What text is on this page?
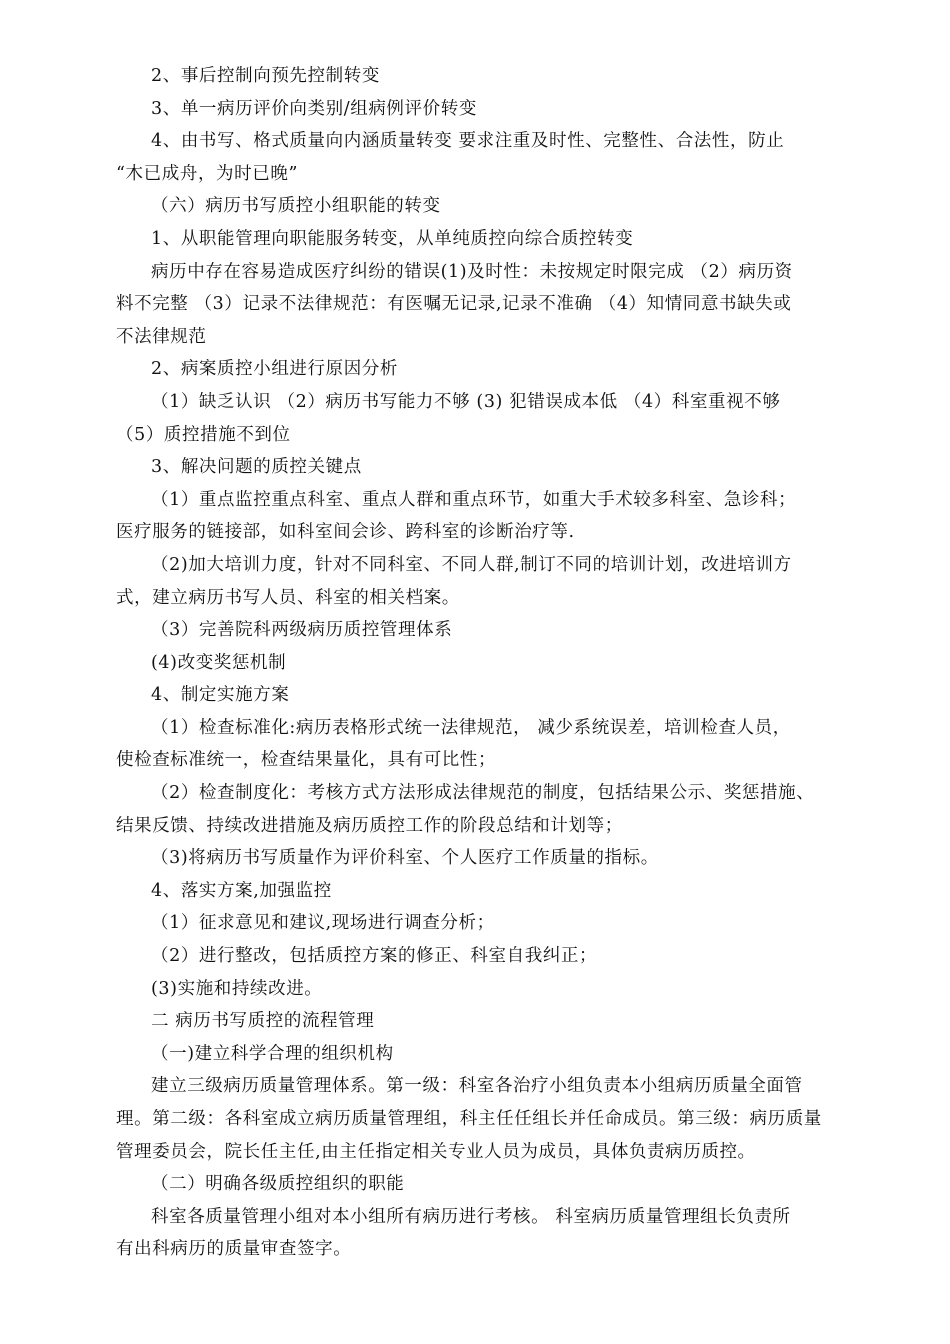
2、事后控制向预先控制转变
3、单一病历评价向类别/组病例评价转变
4、由书写、格式质量向内涵质量转变 要求注重及时性、完整性、合法性，防止
“木已成舟，为时已晚”
（六）病历书写质控小组职能的转变
1、从职能管理向职能服务转变，从单纯质控向综合质控转变
病历中存在容易造成医疗纠纷的错误(1)及时性：未按规定时限完成 （2）病历资
料不完整 （3）记录不法律规范：有医嘱无记录,记录不准确 （4）知情同意书缺失或
不法律规范
2、病案质控小组进行原因分析
（1）缺乏认识 （2）病历书写能力不够 (3) 犯错误成本低 （4）科室重视不够
（5）质控措施不到位
3、解决问题的质控关键点
（1）重点监控重点科室、重点人群和重点环节，如重大手术较多科室、急诊科；
医疗服务的链接部，如科室间会诊、跨科室的诊断治疗等.
（2)加大培训力度，针对不同科室、不同人群,制订不同的培训计划，改进培训方
式，建立病历书写人员、科室的相关档案。
（3）完善院科两级病历质控管理体系
(4)改变奖惩机制
4、制定实施方案
（1）检查标准化:病历表格形式统一法律规范， 减少系统误差，培训检查人员，
使检查标准统一，检查结果量化，具有可比性；
（2）检查制度化：考核方式方法形成法律规范的制度，包括结果公示、奖惩措施、
结果反馈、持续改进措施及病历质控工作的阶段总结和计划等；
（3)将病历书写质量作为评价科室、个人医疗工作质量的指标。
4、落实方案,加强监控
（1）征求意见和建议,现场进行调查分析；
（2）进行整改，包括质控方案的修正、科室自我纠正；
(3)实施和持续改进。
二 病历书写质控的流程管理
（一)建立科学合理的组织机构
建立三级病历质量管理体系。第一级：科室各治疗小组负责本小组病历质量全面管
理。第二级：各科室成立病历质量管理组，科主任任组长并任命成员。第三级：病历质量
管理委员会，院长任主任,由主任指定相关专业人员为成员，具体负责病历质控。
（二）明确各级质控组织的职能
科室各质量管理小组对本小组所有病历进行考核。 科室病历质量管理组长负责所
有出科病历的质量审查签字。
